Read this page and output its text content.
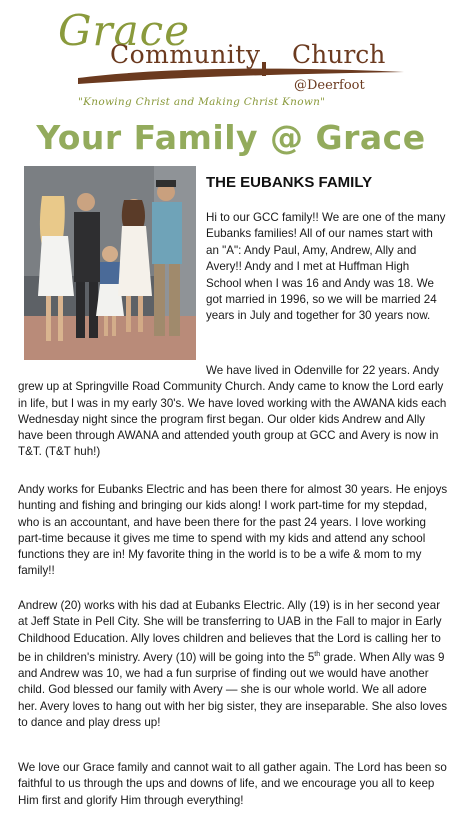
Grace
Community Church
@Deerfoot
"Knowing Christ and Making Christ Known"
Your Family @ Grace
THE EUBANKS FAMILY

Hi to our GCC family!! We are one of the many Eubanks families! All of our names start with an "A": Andy Paul, Amy, Andrew, Ally and Avery!! Andy and I met at Huffman High School when I was 16 and Andy was 18. We got married in 1996, so we will be married 24 years in July and together for 30 years now.

We have lived in Odenville for 22 years. Andy grew up at Springville Road Community Church. Andy came to know the Lord early in life, but I was in my early 30's. We have loved working with the AWANA kids each Wednesday night since the program first began. Our older kids Andrew and Ally have been through AWANA and attended youth group at GCC and Avery is now in T&T. (T&T huh!)

Andy works for Eubanks Electric and has been there for almost 30 years. He enjoys hunting and fishing and bringing our kids along! I work part-time for my stepdad, who is an accountant, and have been there for the past 24 years. I love working part-time because it gives me time to spend with my kids and attend any school functions they are in! My favorite thing in the world is to be a wife & mom to my family!!

Andrew (20) works with his dad at Eubanks Electric. Ally (19) is in her second year at Jeff State in Pell City. She will be transferring to UAB in the Fall to major in Early Childhood Education. Ally loves children and believes that the Lord is calling her to be in children's ministry. Avery (10) will be going into the 5th grade. When Ally was 9 and Andrew was 10, we had a fun surprise of finding out we would have another child. God blessed our family with Avery — she is our whole world. We all adore her. Avery loves to hang out with her big sister, they are inseparable. She also loves to dance and play dress up!

We love our Grace family and cannot wait to all gather again. The Lord has been so faithful to us through the ups and downs of life, and we encourage you all to keep Him first and glorify Him through everything!
